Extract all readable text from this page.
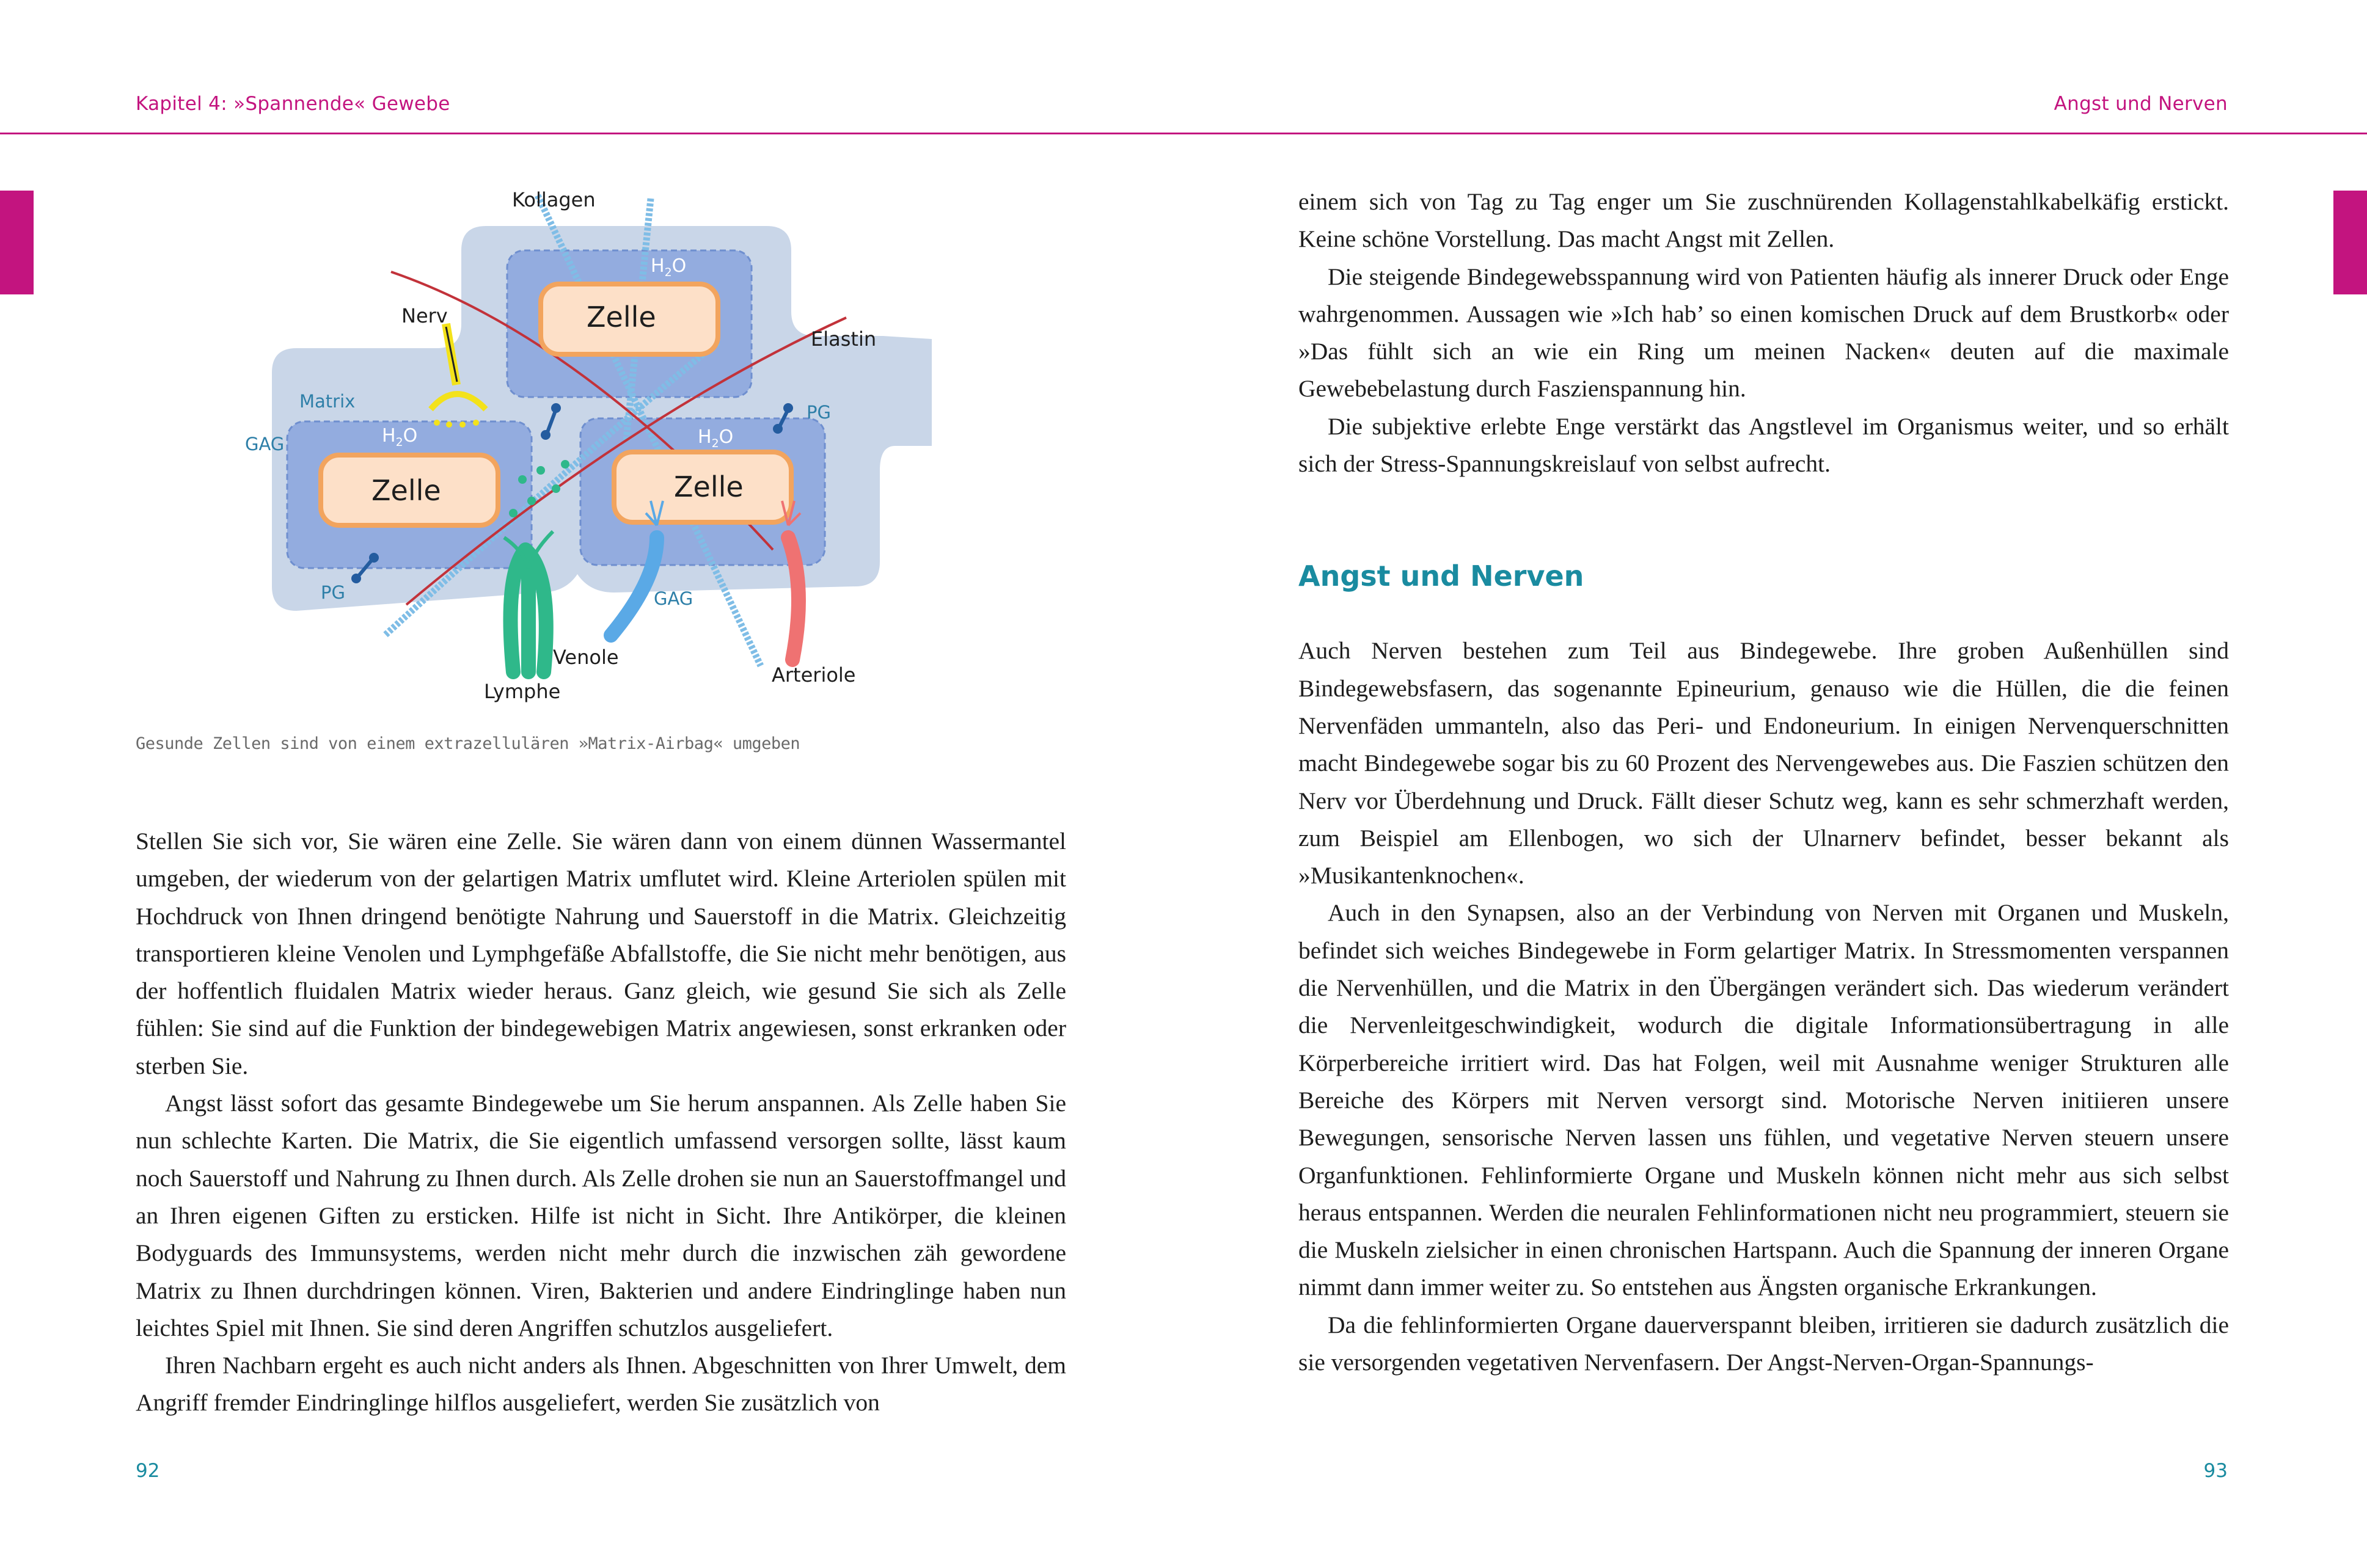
Kapitel 4: »Spannende« Gewebe	Angst und Nerven
Kollagen
Nerv
Elastin
Matrix
GAG
PG
PG	GAG
$H_2O$
$H_2O$	$H_2O$
Zelle
Zelle	Zelle
Venole
Lymphe
Arteriole
Gesunde Zellen sind von einem extrazellulären »Matrix-Airbag« umgeben

Stellen Sie sich vor, Sie wären eine Zelle. Sie wären dann von einem dünnen Wassermantel umgeben, der wiederum von der gelartigen Matrix umflutet wird. Kleine Arteriolen spülen mit Hochdruck von Ihnen dringend benötigte Nahrung und Sauerstoff in die Matrix. Gleichzeitig transportieren kleine Venolen und Lymphgefäße Abfallstoffe, die Sie nicht mehr benötigen, aus der hoffentlich fluidalen Matrix wieder heraus. Ganz gleich, wie gesund Sie sich als Zelle fühlen: Sie sind auf die Funktion der bindegewebigen Matrix angewiesen, sonst erkranken oder sterben Sie.

Angst lässt sofort das gesamte Bindegewebe um Sie herum anspannen. Als Zelle haben Sie nun schlechte Karten. Die Matrix, die Sie eigentlich umfassend versorgen sollte, lässt kaum noch Sauerstoff und Nahrung zu Ihnen durch. Als Zelle drohen sie nun an Sauerstoffmangel und an Ihren eigenen Giften zu ersticken. Hilfe ist nicht in Sicht. Ihre Antikörper, die kleinen Bodyguards des Immunsystems, werden nicht mehr durch die inzwischen zäh gewordene Matrix zu Ihnen durchdringen können. Viren, Bakterien und andere Eindringlinge haben nun leichtes Spiel mit Ihnen. Sie sind deren Angriffen schutzlos ausgeliefert.

Ihren Nachbarn ergeht es auch nicht anders als Ihnen. Abgeschnitten von Ihrer Umwelt, dem Angriff fremder Eindringlinge hilflos ausgeliefert, werden Sie zusätzlich von

einem sich von Tag zu Tag enger um Sie zuschnürenden Kollagenstahlkabelkäfig erstickt. Keine schöne Vorstellung. Das macht Angst mit Zellen.

Die steigende Bindegewebsspannung wird von Patienten häufig als innerer Druck oder Enge wahrgenommen. Aussagen wie »Ich hab’ so einen komischen Druck auf dem Brustkorb« oder »Das fühlt sich an wie ein Ring um meinen Nacken« deuten auf die maximale Gewebebelastung durch Faszienspannung hin.

Die subjektive erlebte Enge verstärkt das Angstlevel im Organismus weiter, und so erhält sich der Stress-Spannungskreislauf von selbst aufrecht.

Angst und Nerven

Auch Nerven bestehen zum Teil aus Bindegewebe. Ihre groben Außenhüllen sind Bindegewebsfasern, das sogenannte Epineurium, genauso wie die Hüllen, die die feinen Nervenfäden ummanteln, also das Peri- und Endoneurium. In einigen Nervenquerschnitten macht Bindegewebe sogar bis zu 60 Prozent des Nervengewebes aus. Die Faszien schützen den Nerv vor Überdehnung und Druck. Fällt dieser Schutz weg, kann es sehr schmerzhaft werden, zum Beispiel am Ellenbogen, wo sich der Ulnarnerv befindet, besser bekannt als »Musikantenknochen«.

Auch in den Synapsen, also an der Verbindung von Nerven mit Organen und Muskeln, befindet sich weiches Bindegewebe in Form gelartiger Matrix. In Stressmomenten verspannen die Nervenhüllen, und die Matrix in den Übergängen verändert sich. Das wiederum verändert die Nervenleitgeschwindigkeit, wodurch die digitale Informationsübertragung in alle Körperbereiche irritiert wird. Das hat Folgen, weil mit Ausnahme weniger Strukturen alle Bereiche des Körpers mit Nerven versorgt sind. Motorische Nerven initiieren unsere Bewegungen, sensorische Nerven lassen uns fühlen, und vegetative Nerven steuern unsere Organfunktionen. Fehlinformierte Organe und Muskeln können nicht mehr aus sich selbst heraus entspannen. Werden die neuralen Fehlinformationen nicht neu programmiert, steuern sie die Muskeln zielsicher in einen chronischen Hartspann. Auch die Spannung der inneren Organe nimmt dann immer weiter zu. So entstehen aus Ängsten organische Erkrankungen.

Da die fehlinformierten Organe dauerverspannt bleiben, irritieren sie dadurch zusätzlich die sie versorgenden vegetativen Nervenfasern. Der Angst-Nerven-Organ-Spannungs-

92	93
